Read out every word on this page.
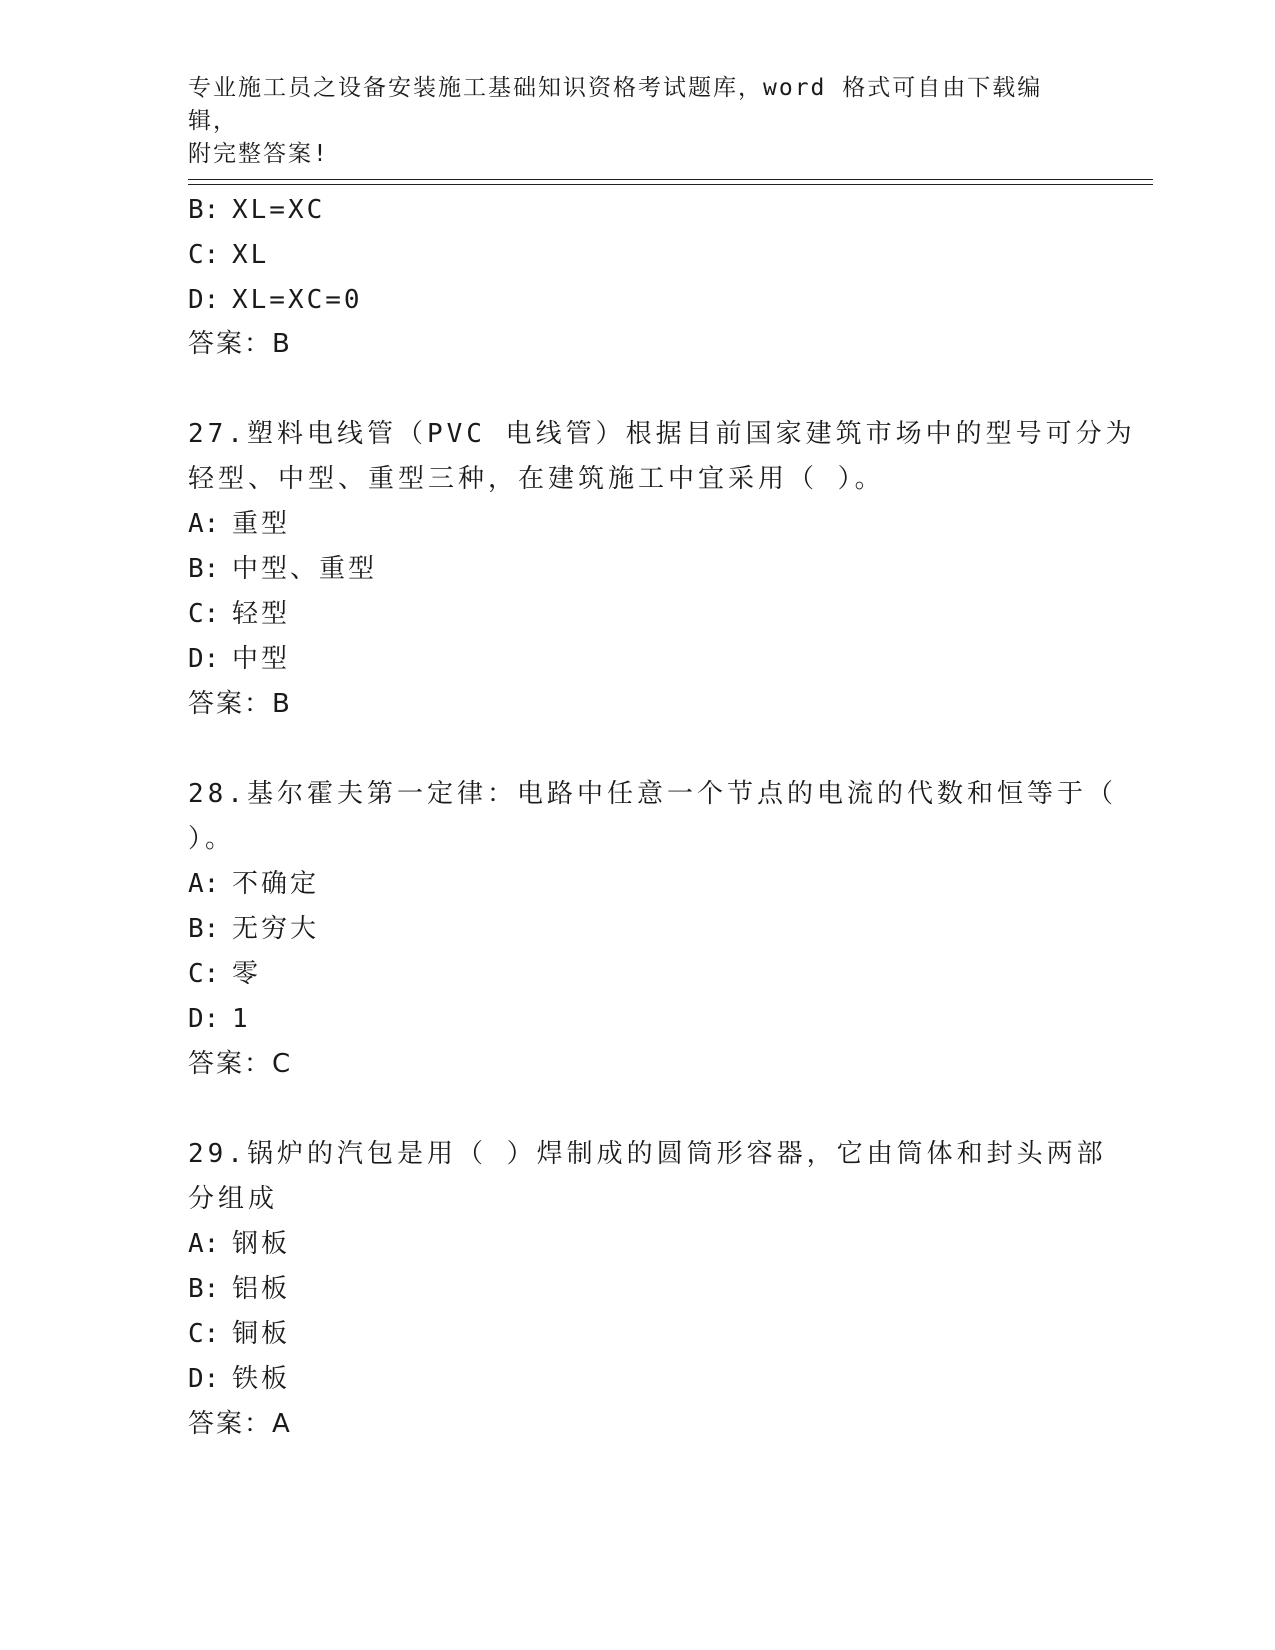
专业施工员之设备安装施工基础知识资格考试题库，word 格式可自由下载编辑，
附完整答案!
B: XL=XC
C: XL
D: XL=XC=0
答案：B
27.塑料电线管（PVC 电线管）根据目前国家建筑市场中的型号可分为
轻型、中型、重型三种，在建筑施工中宜采用（ ）。
A: 重型
B: 中型、重型
C: 轻型
D: 中型
答案：B
28.基尔霍夫第一定律：电路中任意一个节点的电流的代数和恒等于（
）。
A: 不确定
B: 无穷大
C: 零
D: 1
答案：C
29.锅炉的汽包是用（ ）焊制成的圆筒形容器，它由筒体和封头两部
分组成
A: 钢板
B: 铝板
C: 铜板
D: 铁板
答案：A
